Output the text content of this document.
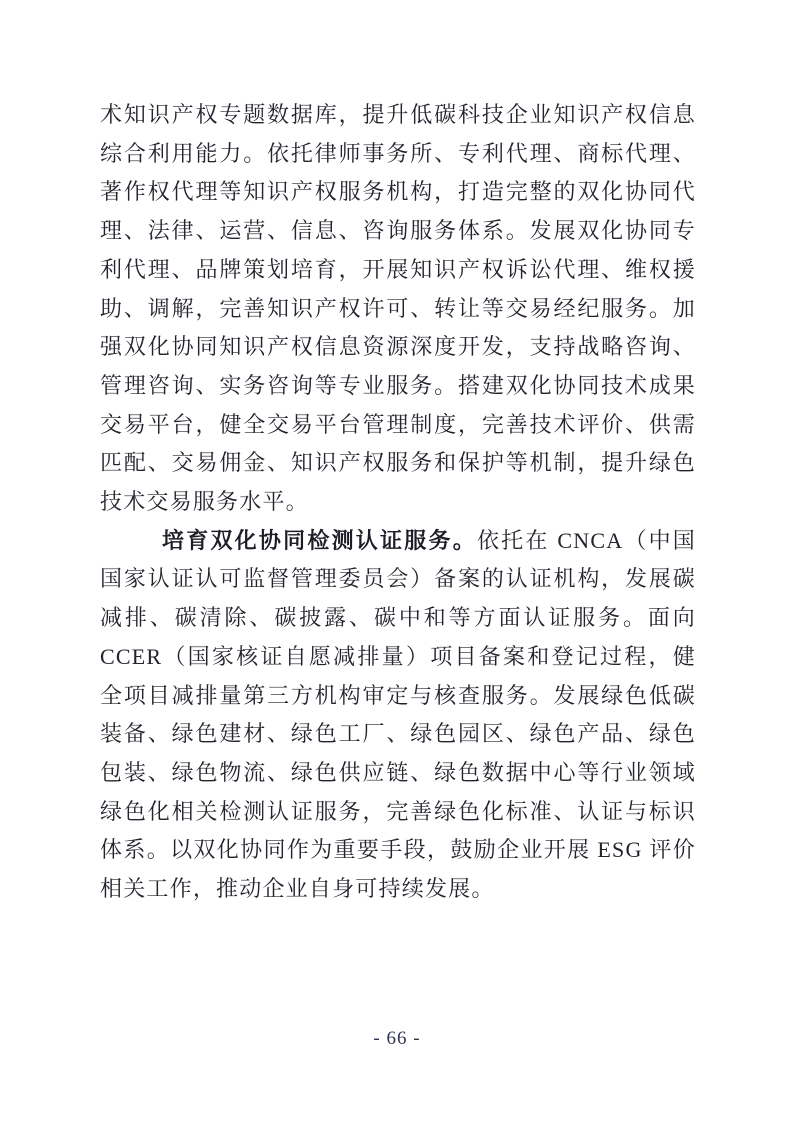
术知识产权专题数据库，提升低碳科技企业知识产权信息综合利用能力。依托律师事务所、专利代理、商标代理、著作权代理等知识产权服务机构，打造完整的双化协同代理、法律、运营、信息、咨询服务体系。发展双化协同专利代理、品牌策划培育，开展知识产权诉讼代理、维权援助、调解，完善知识产权许可、转让等交易经纪服务。加强双化协同知识产权信息资源深度开发，支持战略咨询、管理咨询、实务咨询等专业服务。搭建双化协同技术成果交易平台，健全交易平台管理制度，完善技术评价、供需匹配、交易佣金、知识产权服务和保护等机制，提升绿色技术交易服务水平。

培育双化协同检测认证服务。依托在 CNCA（中国国家认证认可监督管理委员会）备案的认证机构，发展碳减排、碳清除、碳披露、碳中和等方面认证服务。面向 CCER（国家核证自愿减排量）项目备案和登记过程，健全项目减排量第三方机构审定与核查服务。发展绿色低碳装备、绿色建材、绿色工厂、绿色园区、绿色产品、绿色包装、绿色物流、绿色供应链、绿色数据中心等行业领域绿色化相关检测认证服务，完善绿色化标准、认证与标识体系。以双化协同作为重要手段，鼓励企业开展 ESG 评价相关工作，推动企业自身可持续发展。

- 66 -
